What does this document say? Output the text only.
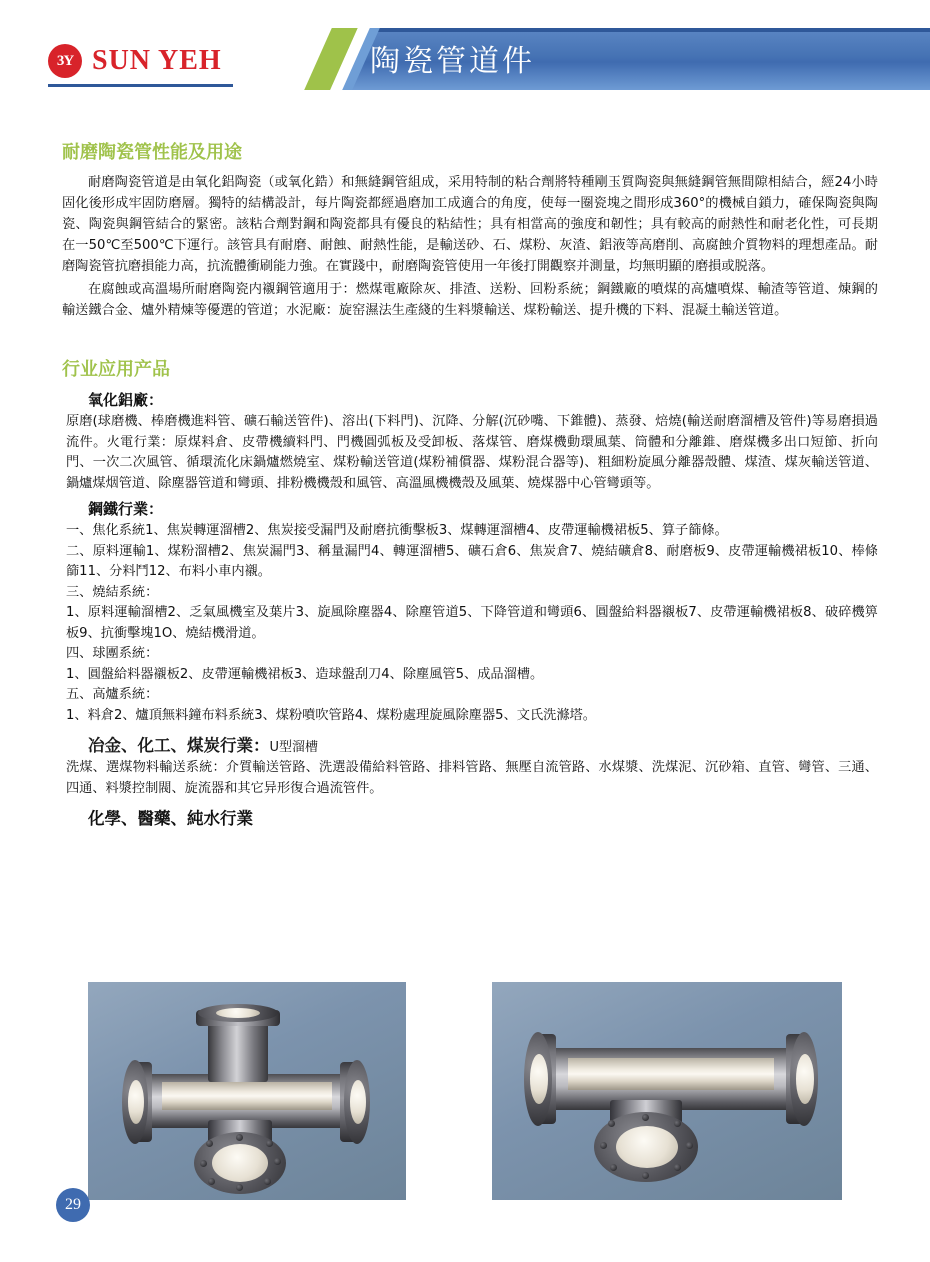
3Y SUN YEH	陶瓷管道件
耐磨陶瓷管性能及用途

耐磨陶瓷管道是由氧化鋁陶瓷（或氧化鋯）和無縫鋼管組成，采用特制的粘合劑將特種剛玉質陶瓷與無縫鋼管無間隙相結合，經24小時固化後形成牢固防磨層。獨特的結構設計，每片陶瓷都經過磨加工成適合的角度，使每一圈瓷塊之間形成360°的機械自鎖力，確保陶瓷與陶瓷、陶瓷與鋼管結合的緊密。該粘合劑對鋼和陶瓷都具有優良的粘結性；具有相當高的強度和韌性；具有較高的耐熱性和耐老化性，可長期在一50℃至500℃下運行。該管具有耐磨、耐蝕、耐熱性能，是輸送砂、石、煤粉、灰渣、鋁液等高磨削、高腐蝕介質物料的理想產品。耐磨陶瓷管抗磨損能力高，抗流體衝刷能力強。在實踐中，耐磨陶瓷管使用一年後打開觀察并測量，均無明顯的磨損或脱落。

在腐蝕或高溫場所耐磨陶瓷内襯鋼管適用于：燃煤電廠除灰、排渣、送粉、回粉系統；鋼鐵廠的噴煤的高爐噴煤、輸渣等管道、煉鋼的輸送鐵合金、爐外精煉等優選的管道；水泥廠：旋窑濕法生產綫的生料漿輸送、煤粉輸送、提升機的下料、混凝土輸送管道。

行业应用产品
氧化鋁廠：

原磨(球磨機、棒磨機進料管、礦石輸送管件)、溶出(下料門)、沉降、分解(沉砂嘴、下錐體)、蒸發、焙燒(輸送耐磨溜槽及管件)等易磨損過流件。火電行業：原煤料倉、皮帶機續料門、門機圓弧板及受卸板、落煤管、磨煤機動環風葉、筒體和分離錐、磨煤機多出口短節、折向門、一次二次風管、循環流化床鍋爐燃燒室、煤粉輸送管道(煤粉補償器、煤粉混合器等)、粗細粉旋風分離器殼體、煤渣、煤灰輸送管道、鍋爐煤烟管道、除塵器管道和彎頭、排粉機機殼和風管、高溫風機機殼及風葉、燒煤器中心管彎頭等。

鋼鐵行業：

一、焦化系統1、焦炭轉運溜槽2、焦炭接受漏門及耐磨抗衝擊板3、煤轉運溜槽4、皮帶運輸機裙板5、算子篩條。

二、原料運輸1、煤粉溜槽2、焦炭漏門3、稱量漏門4、轉運溜槽5、礦石倉6、焦炭倉7、燒結礦倉8、耐磨板9、皮帶運輸機裙板10、棒條篩11、分料鬥12、布料小車内襯。

三、燒結系統：

1、原料運輸溜槽2、乏氣風機室及葉片3、旋風除塵器4、除塵管道5、下降管道和彎頭6、圓盤給料器襯板7、皮帶運輸機裙板8、破碎機箅板9、抗衝擊塊1O、燒結機滑道。

四、球團系統：

1、圓盤給料器襯板2、皮帶運輸機裙板3、造球盤刮刀4、除塵風管5、成品溜槽。

五、高爐系統：

1、料倉2、爐頂無料鐘布料系統3、煤粉噴吹管路4、煤粉處理旋風除塵器5、文氏洗滌塔。

冶金、化工、煤炭行業：U型溜槽

洗煤、選煤物料輸送系統：介質輸送管路、洗選設備給料管路、排料管路、無壓自流管路、水煤漿、洗煤泥、沉砂箱、直管、彎管、三通、四通、料漿控制閥、旋流器和其它异形復合過流管件。

化學、醫藥、純水行業
29
